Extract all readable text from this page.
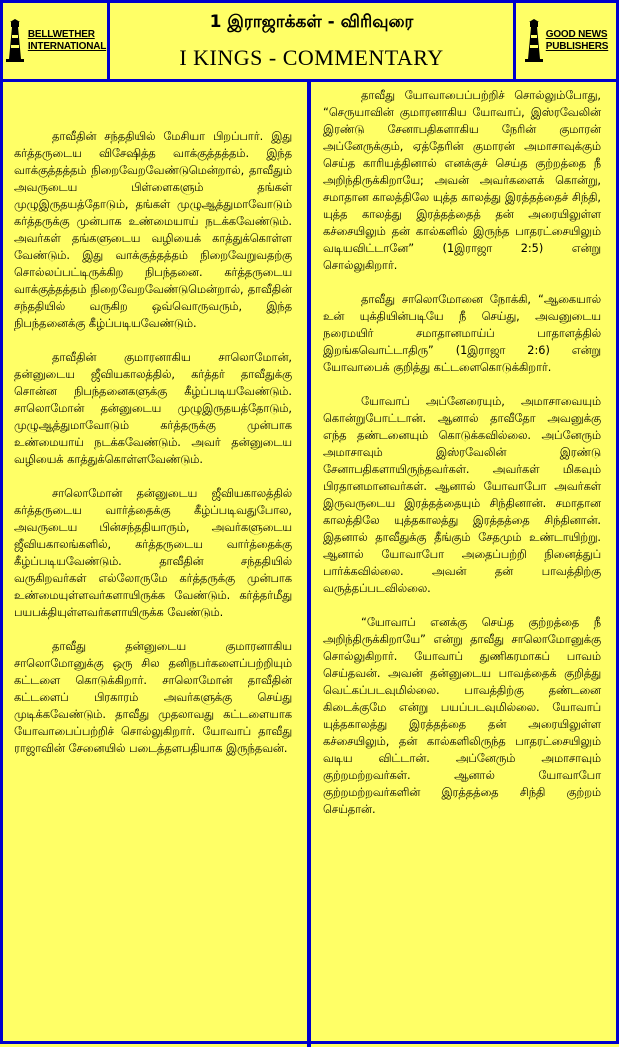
BELLWETHER
INTERNATIONAL
1 இராஜாக்கள் - விரிவுரை
I KINGS - COMMENTARY
GOOD NEWS
PUBLISHERS

தாவீதின் சந்ததியில் மேசியா பிறப்பார். இது கர்த்தருடைய விசேஷித்த வாக்குத்தத்தம். இந்த வாக்குத்தத்தம் நிறைவேறவேண்டுமென்றால், தாவீதும் அவருடைய பிள்ளைகளும் தங்கள் முழுஇருதயத்தோடும், தங்கள் முழுஆத்துமாவோடும் கர்த்தருக்கு முன்பாக உண்மையாய் நடக்கவேண்டும். அவர்கள் தங்களுடைய வழியைக் காத்துக்கொள்ள வேண்டும். இது வாக்குத்தத்தம் நிறைவேறுவதற்கு சொல்லப்பட்டிருக்கிற நிபந்தனை. கர்த்தருடைய வாக்குத்தத்தம் நிறைவேறவேண்டுமென்றால், தாவீதின் சந்ததியில் வருகிற ஒவ்வொருவரும், இந்த நிபந்தனைக்கு கீழ்ப்படியவேண்டும்.

தாவீதின் குமாரனாகிய சாலொமோன், தன்னுடைய ஜீவியகாலத்தில், கர்த்தர் தாவீதுக்கு சொன்ன நிபந்தனைகளுக்கு கீழ்ப்படியவேண்டும். சாலொமோன் தன்னுடைய முழுஇருதயத்தோடும், முழுஆத்துமாவோடும் கர்த்தருக்கு முன்பாக உண்மையாய் நடக்கவேண்டும். அவர் தன்னுடைய வழியைக் காத்துக்கொள்ளவேண்டும்.

சாலொமோன் தன்னுடைய ஜீவியகாலத்தில் கர்த்தருடைய வார்த்தைக்கு கீழ்ப்படிவதுபோல, அவருடைய பின்சந்ததியாரும், அவர்களுடைய ஜீவியகாலங்களில், கர்த்தருடைய வார்த்தைக்கு கீழ்ப்படியவேண்டும். தாவீதின் சந்ததியில் வருகிறவர்கள் எல்லோருமே கர்த்தருக்கு முன்பாக உண்மையுள்ளவர்களாயிருக்க வேண்டும். கர்த்தர்மீது பயபக்தியுள்ளவர்களாயிருக்க வேண்டும்.

தாவீது தன்னுடைய குமாரனாகிய சாலொமோனுக்கு ஒரு சில தனிநபர்களைப்பற்றியும் கட்டளை கொடுக்கிறார். சாலொமோன் தாவீதின் கட்டளைப் பிரகாரம் அவர்களுக்கு செய்து முடிக்கவேண்டும். தாவீது முதலாவது கட்டளையாக யோவாபைப்பற்றிச் சொல்லுகிறார். யோவாப் தாவீது ராஜாவின் சேனையில் படைத்தளபதியாக இருந்தவன்.

தாவீது யோவாபைப்பற்றிச் சொல்லும்போது, “செருயாவின் குமாரனாகிய யோவாப், இஸ்ரவேலின் இரண்டு சேனாபதிகளாகிய நேரின் குமாரன் அப்னேருக்கும், ஏத்தேரின் குமாரன் அமாசாவுக்கும் செய்த காரியத்தினால் எனக்குச் செய்த குற்றத்தை நீ அறிந்திருக்கிறாயே; அவன் அவர்களைக் கொன்று, சமாதான காலத்திலே யுத்த காலத்து இரத்தத்தைச் சிந்தி, யுத்த காலத்து இரத்தத்தைத் தன் அரையிலுள்ள கச்சையிலும் தன் கால்களில் இருந்த பாதரட்சையிலும் வடியவிட்டானே” (1இராஜா 2:5) என்று சொல்லுகிறார்.

தாவீது சாலொமோனை நோக்கி, “ஆகையால் உன் யுக்தியின்படியே நீ செய்து, அவனுடைய நரைமயிர் சமாதானமாய்ப் பாதாளத்தில் இறங்கவொட்டாதிரு” (1இராஜா 2:6) என்று யோவாபைக் குறித்து கட்டளைகொடுக்கிறார்.

யோவாப் அப்னேரையும், அமாசாவையும் கொன்றுபோட்டான். ஆனால் தாவீதோ அவனுக்கு எந்த தண்டனையும் கொடுக்கவில்லை. அப்னேரும் அமாசாவும் இஸ்ரவேலின் இரண்டு சேனாபதிகளாயிருந்தவர்கள். அவர்கள் மிகவும் பிரதானமானவர்கள். ஆனால் யோவாபோ அவர்கள் இருவருடைய இரத்தத்தையும் சிந்தினான். சமாதான காலத்திலே யுத்தகாலத்து இரத்தத்தை சிந்தினான். இதனால் தாவீதுக்கு தீங்கும் சேதமும் உண்டாயிற்று. ஆனால் யோவாபோ அதைப்பற்றி நினைத்துப் பார்க்கவில்லை. அவன் தன் பாவத்திற்கு வருத்தப்படவில்லை.

“யோவாப் எனக்கு செய்த குற்றத்தை நீ அறிந்திருக்கிறாயே” என்று தாவீது சாலொமோனுக்கு சொல்லுகிறார். யோவாப் துணிகரமாகப் பாவம் செய்தவன். அவன் தன்னுடைய பாவத்தைக் குறித்து வெட்கப்படவுமில்லை. பாவத்திற்கு தண்டனை கிடைக்குமே என்று பயப்படவுமில்லை. யோவாப் யுத்தகாலத்து இரத்தத்தை தன் அரையிலுள்ள கச்சையிலும், தன் கால்களிலிருந்த பாதரட்சையிலும் வடிய விட்டான். அப்னேரும் அமாசாவும் குற்றமற்றவர்கள். ஆனால் யோவாபோ குற்றமற்றவர்களின் இரத்தத்தை சிந்தி குற்றம் செய்தான்.
